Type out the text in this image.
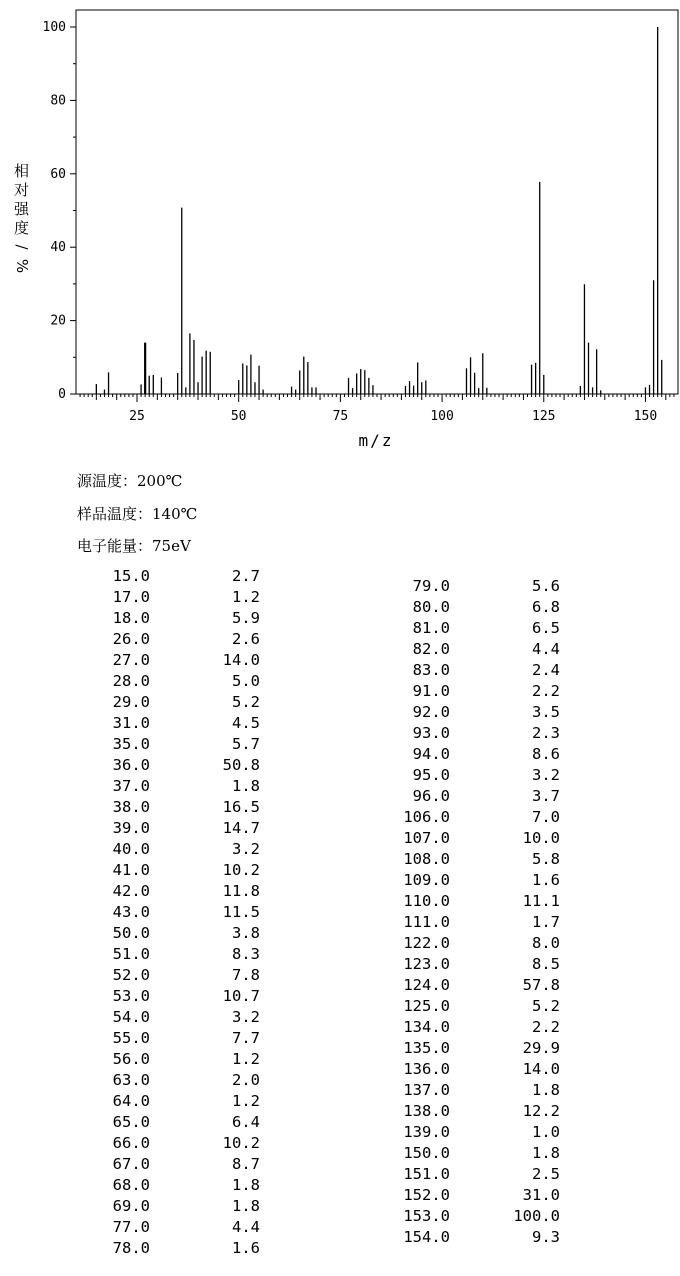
0
20
40
60
80
100
25	50	75	100	125	150
m/z
相
对
强
度
/
%
源温度：200℃
样品温度：140℃
电子能量：75eV
15.0	2.7
17.0	1.2
18.0	5.9
26.0	2.6
27.0	14.0
28.0	5.0
29.0	5.2
31.0	4.5
35.0	5.7
36.0	50.8
37.0	1.8
38.0	16.5
39.0	14.7
40.0	3.2
41.0	10.2
42.0	11.8
43.0	11.5
50.0	3.8
51.0	8.3
52.0	7.8
53.0	10.7
54.0	3.2
55.0	7.7
56.0	1.2
63.0	2.0
64.0	1.2
65.0	6.4
66.0	10.2
67.0	8.7
68.0	1.8
69.0	1.8
77.0	4.4
78.0	1.6
79.0	5.6
80.0	6.8
81.0	6.5
82.0	4.4
83.0	2.4
91.0	2.2
92.0	3.5
93.0	2.3
94.0	8.6
95.0	3.2
96.0	3.7
106.0	7.0
107.0	10.0
108.0	5.8
109.0	1.6
110.0	11.1
111.0	1.7
122.0	8.0
123.0	8.5
124.0	57.8
125.0	5.2
134.0	2.2
135.0	29.9
136.0	14.0
137.0	1.8
138.0	12.2
139.0	1.0
150.0	1.8
151.0	2.5
152.0	31.0
153.0	100.0
154.0	9.3
